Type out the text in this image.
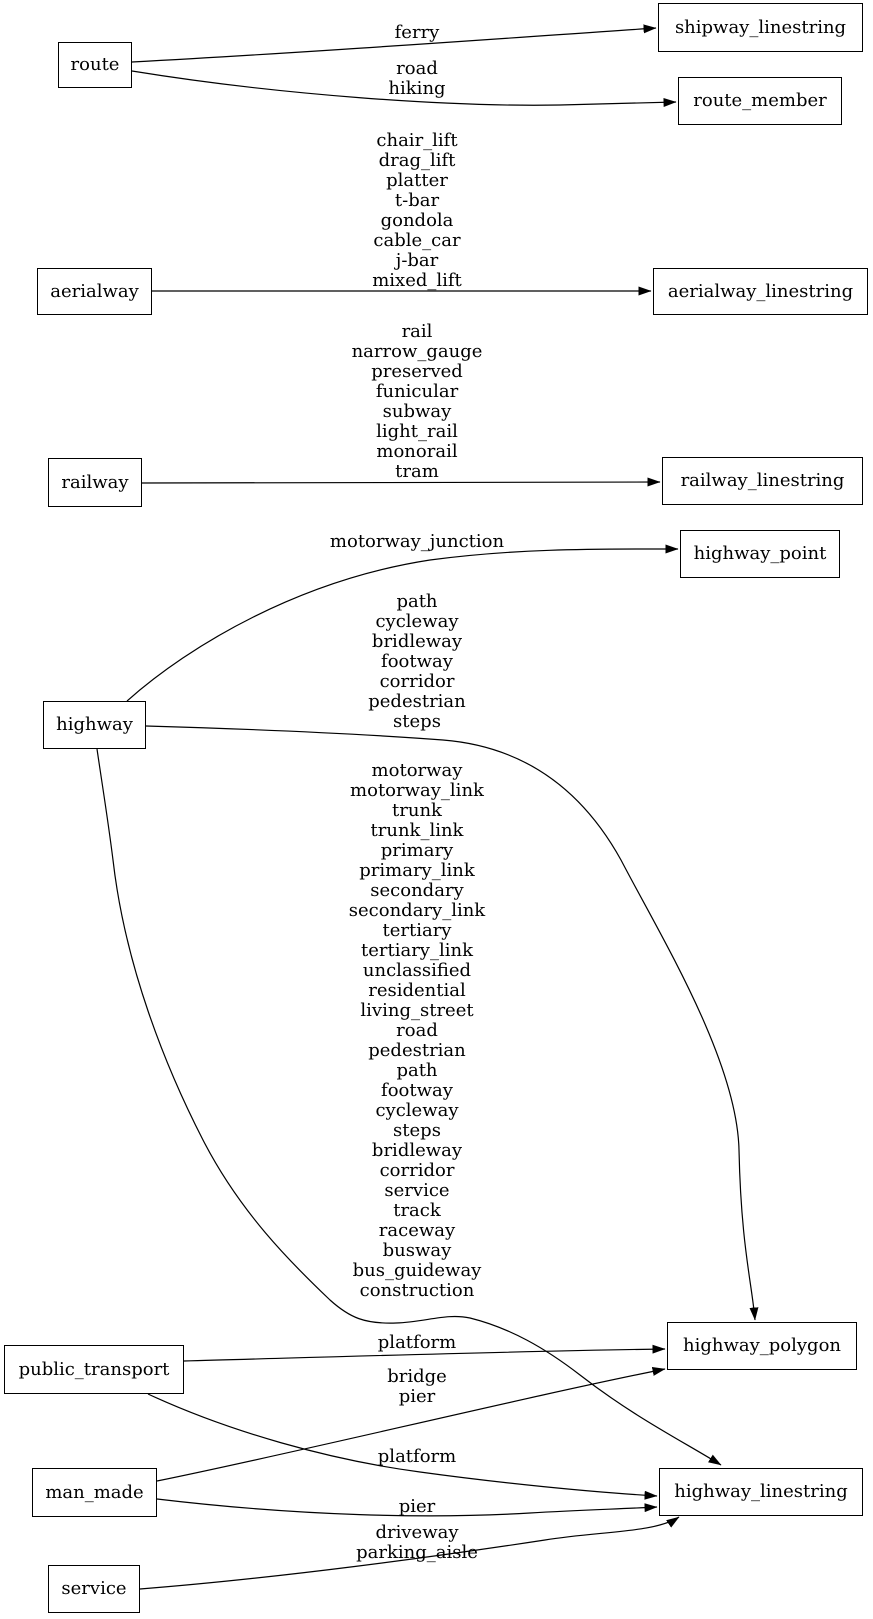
route
shipway_linestring
route_member
aerialway	aerialway_linestring
railway	railway_linestring
highway
highway_point
highway_polygon
public_transport
man_made	highway_linestring
service
ferry
road
hiking
chair_lift
drag_lift
platter
t-bar
gondola
cable_car
j-bar
mixed_lift
rail
narrow_gauge
preserved
funicular
subway
light_rail
monorail
tram
motorway_junction
path
cycleway
bridleway
footway
corridor
pedestrian
steps
motorway
motorway_link
trunk
trunk_link
primary
primary_link
secondary
secondary_link
tertiary
tertiary_link
unclassified
residential
living_street
road
pedestrian
path
footway
cycleway
steps
bridleway
corridor
service
track
raceway
busway
bus_guideway
construction
platform
bridge
pier
platform
pier
driveway
parking_aisle
